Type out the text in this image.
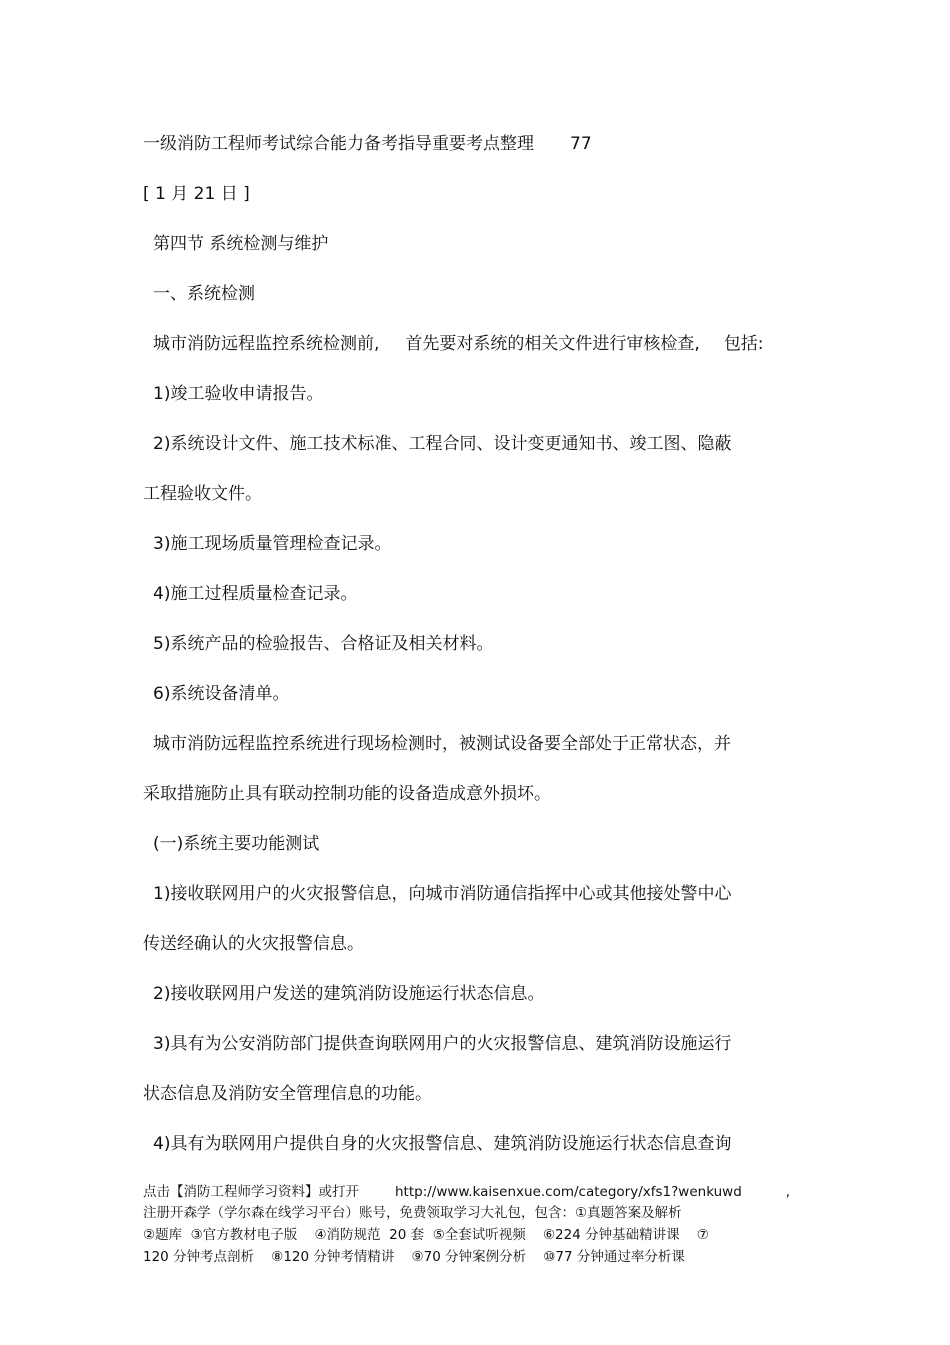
一级消防工程师考试综合能力备考指导重要考点整理 77
[ 1 月 21 日 ]
第四节 系统检测与维护
一、系统检测
城市消防远程监控系统检测前, 首先要对系统的相关文件进行审核检查, 包括:
1)竣工验收申请报告。
2)系统设计文件、施工技术标准、工程合同、设计变更通知书、竣工图、隐蔽
工程验收文件。
3)施工现场质量管理检查记录。
4)施工过程质量检查记录。
5)系统产品的检验报告、合格证及相关材料。
6)系统设备清单。
城市消防远程监控系统进行现场检测时，被测试设备要全部处于正常状态，并
采取措施防止具有联动控制功能的设备造成意外损坏。
(一)系统主要功能测试
1)接收联网用户的火灾报警信息，向城市消防通信指挥中心或其他接处警中心
传送经确认的火灾报警信息。
2)接收联网用户发送的建筑消防设施运行状态信息。
3)具有为公安消防部门提供查询联网用户的火灾报警信息、建筑消防设施运行
状态信息及消防安全管理信息的功能。
4)具有为联网用户提供自身的火灾报警信息、建筑消防设施运行状态信息查询
点击【消防工程师学习资料】或打开	http://www.kaisenxue.com/category/xfs1?wenkuwd	,
注册开森学（学尔森在线学习平台）账号，免费领取学习大礼包，包含：①真题答案及解析
②题库  ③官方教材电子版    ④消防规范  20 套  ⑤全套试听视频    ⑥224 分钟基础精讲课    ⑦
120 分钟考点剖析    ⑧120 分钟考情精讲    ⑨70 分钟案例分析    ⑩77 分钟通过率分析课
